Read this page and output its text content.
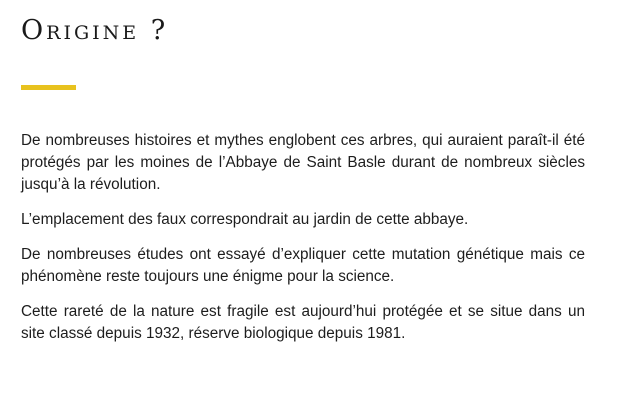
Origine ?

De nombreuses histoires et mythes englobent ces arbres, qui auraient paraît-il été protégés par les moines de l’Abbaye de Saint Basle durant de nombreux siècles jusqu’à la révolution.

L’emplacement des faux correspondrait au jardin de cette abbaye.

De nombreuses études ont essayé d’expliquer cette mutation génétique mais ce phénomène reste toujours une énigme pour la science.

Cette rareté de la nature est fragile est aujourd’hui protégée et se situe dans un site classé depuis 1932, réserve biologique depuis 1981.
